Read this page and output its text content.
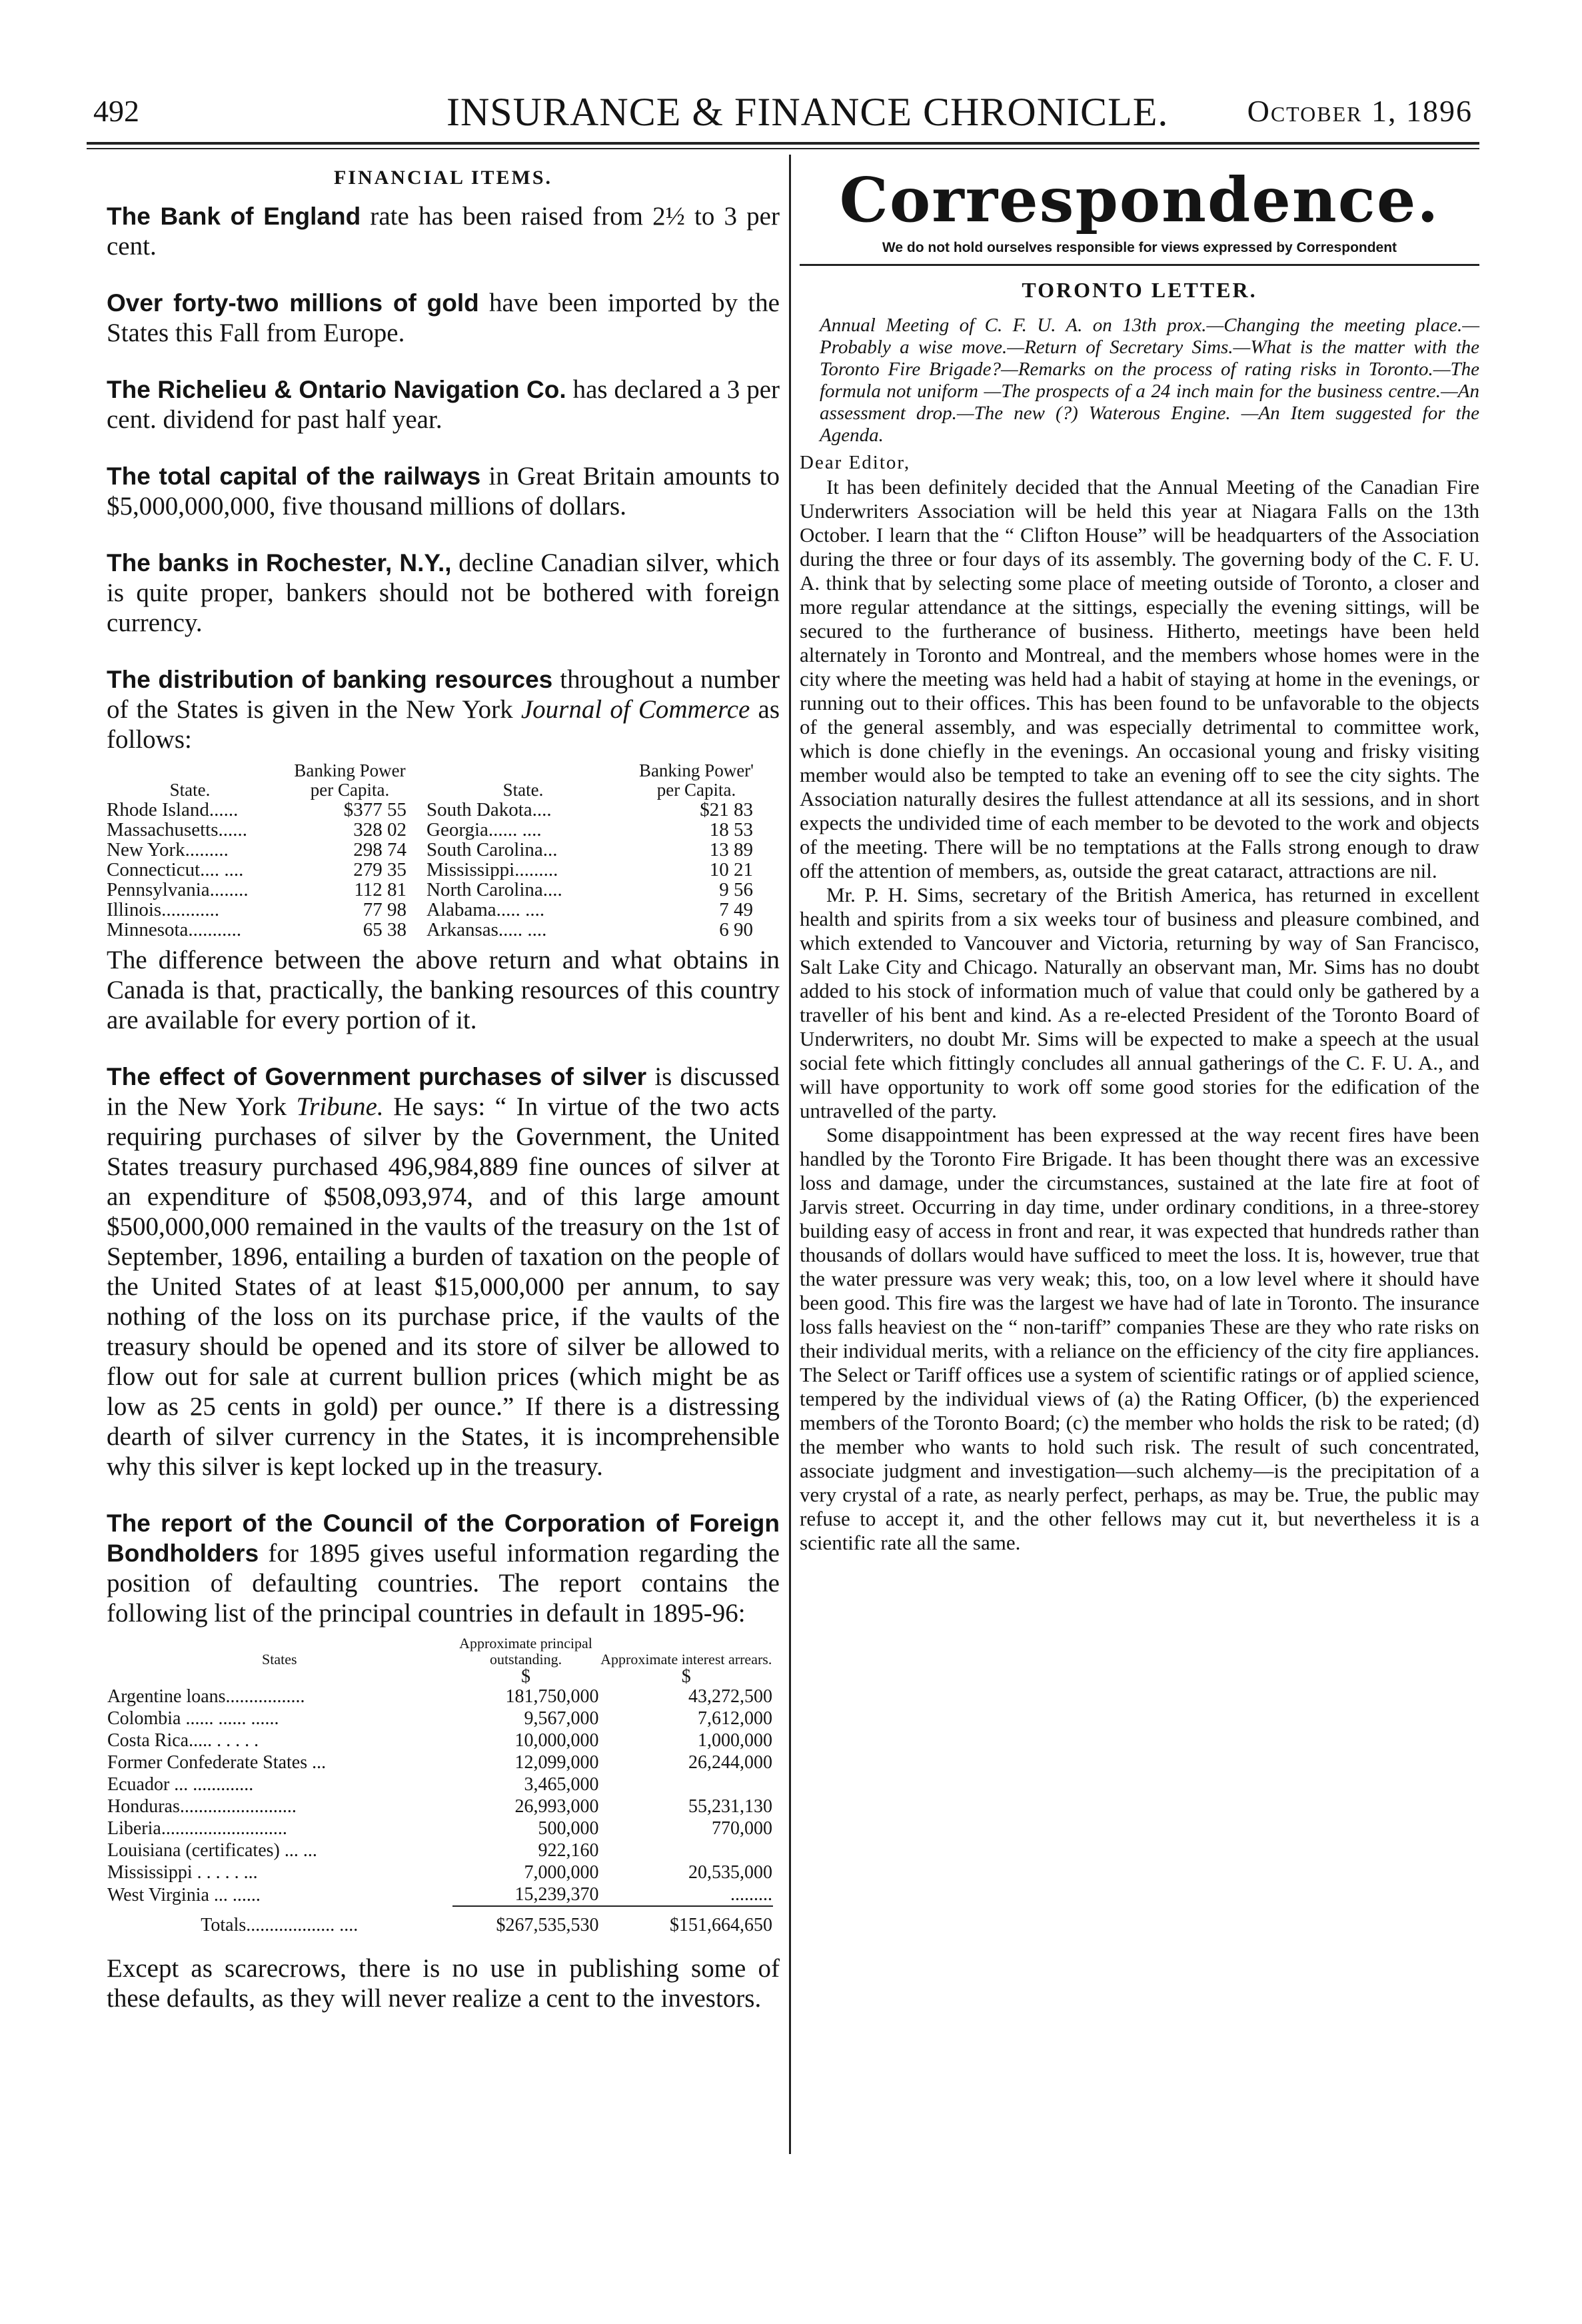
492	INSURANCE & FINANCE CHRONICLE.	October 1, 1896
FINANCIAL ITEMS.

The Bank of England rate has been raised from 2½ to 3 per cent.

Over forty-two millions of gold have been imported by the States this Fall from Europe.

The Richelieu & Ontario Navigation Co. has declared a 3 per cent. dividend for past half year.

The total capital of the railways in Great Britain amounts to $5,000,000,000, five thousand millions of dollars.

The banks in Rochester, N.Y., decline Canadian silver, which is quite proper, bankers should not be bothered with foreign currency.

The distribution of banking resources throughout a number of the States is given in the New York Journal of Commerce as follows:

	Banking Power		Banking Power'
State.	per Capita.	State.	per Capita.
Rhode Island......	$377 55	South Dakota....	$21 83
Massachusetts......	328 02	Georgia...... ....	18 53
New York.........	298 74	South Carolina...	13 89
Connecticut.... ....	279 35	Mississippi.........	10 21
Pennsylvania........	112 81	North Carolina....	9 56
Illinois............	77 98	Alabama..... ....	7 49
Minnesota...........	65 38	Arkansas..... ....	6 90

The difference between the above return and what obtains in Canada is that, practically, the banking resources of this country are available for every portion of it.

The effect of Government purchases of silver is discussed in the New York Tribune. He says: “ In virtue of the two acts requiring purchases of silver by the Government, the United States treasury purchased 496,984,889 fine ounces of silver at an expenditure of $508,093,974, and of this large amount $500,000,000 remained in the vaults of the treasury on the 1st of September, 1896, entailing a burden of taxation on the people of the United States of at least $15,000,000 per annum, to say nothing of the loss on its purchase price, if the vaults of the treasury should be opened and its store of silver be allowed to flow out for sale at current bullion prices (which might be as low as 25 cents in gold) per ounce.” If there is a distressing dearth of silver currency in the States, it is incomprehensible why this silver is kept locked up in the treasury.

The report of the Council of the Corporation of Foreign Bondholders for 1895 gives useful information regarding the position of defaulting countries. The report contains the following list of the principal countries in default in 1895-96:

States	Approximate principal outstanding.	Approximate interest arrears.
	$	$
Argentine loans.................	181,750,000	43,272,500
Colombia ...... ...... ......	9,567,000	7,612,000
Costa Rica..... . . . . .	10,000,000	1,000,000
Former Confederate States ...	12,099,000	26,244,000
Ecuador ... .............	3,465,000	
Honduras.........................	26,993,000	55,231,130
Liberia...........................	500,000	770,000
Louisiana (certificates) ... ...	922,160	
Mississippi . . . . . ...	7,000,000	20,535,000
West Virginia ... ......	15,239,370	.........
Totals................... ....	$267,535,530	$151,664,650

Except as scarecrows, there is no use in publishing some of these defaults, as they will never realize a cent to the investors.

Correspondence.
We do not hold ourselves responsible for views expressed by Correspondent
TORONTO LETTER.

Annual Meeting of C. F. U. A. on 13th prox.—Changing the meeting place.—Probably a wise move.—Return of Secretary Sims.—What is the matter with the Toronto Fire Brigade?—Remarks on the process of rating risks in Toronto.—The formula not uniform —The prospects of a 24 inch main for the business centre.—An assessment drop.—The new (?) Waterous Engine. —An Item suggested for the Agenda.

Dear Editor,

It has been definitely decided that the Annual Meeting of the Canadian Fire Underwriters Association will be held this year at Niagara Falls on the 13th October. I learn that the “ Clifton House” will be headquarters of the Association during the three or four days of its assembly. The governing body of the C. F. U. A. think that by selecting some place of meeting outside of Toronto, a closer and more regular attendance at the sittings, especially the evening sittings, will be secured to the furtherance of business. Hitherto, meetings have been held alternately in Toronto and Montreal, and the members whose homes were in the city where the meeting was held had a habit of staying at home in the evenings, or running out to their offices. This has been found to be unfavorable to the objects of the general assembly, and was especially detrimental to committee work, which is done chiefly in the evenings. An occasional young and frisky visiting member would also be tempted to take an evening off to see the city sights. The Association naturally desires the fullest attendance at all its sessions, and in short expects the undivided time of each member to be devoted to the work and objects of the meeting. There will be no temptations at the Falls strong enough to draw off the attention of members, as, outside the great cataract, attractions are nil.

Mr. P. H. Sims, secretary of the British America, has returned in excellent health and spirits from a six weeks tour of business and pleasure combined, and which extended to Vancouver and Victoria, returning by way of San Francisco, Salt Lake City and Chicago. Naturally an observant man, Mr. Sims has no doubt added to his stock of information much of value that could only be gathered by a traveller of his bent and kind. As a re-elected President of the Toronto Board of Underwriters, no doubt Mr. Sims will be expected to make a speech at the usual social fete which fittingly concludes all annual gatherings of the C. F. U. A., and will have opportunity to work off some good stories for the edification of the untravelled of the party.

Some disappointment has been expressed at the way recent fires have been handled by the Toronto Fire Brigade. It has been thought there was an excessive loss and damage, under the circumstances, sustained at the late fire at foot of Jarvis street. Occurring in day time, under ordinary conditions, in a three-storey building easy of access in front and rear, it was expected that hundreds rather than thousands of dollars would have sufficed to meet the loss. It is, however, true that the water pressure was very weak; this, too, on a low level where it should have been good. This fire was the largest we have had of late in Toronto. The insurance loss falls heaviest on the “ non-tariff” companies These are they who rate risks on their individual merits, with a reliance on the efficiency of the city fire appliances. The Select or Tariff offices use a system of scientific ratings or of applied science, tempered by the individual views of (a) the Rating Officer, (b) the experienced members of the Toronto Board; (c) the member who holds the risk to be rated; (d) the member who wants to hold such risk. The result of such concentrated, associate judgment and investigation—such alchemy—is the precipitation of a very crystal of a rate, as nearly perfect, perhaps, as may be. True, the public may refuse to accept it, and the other fellows may cut it, but nevertheless it is a scientific rate all the same.
